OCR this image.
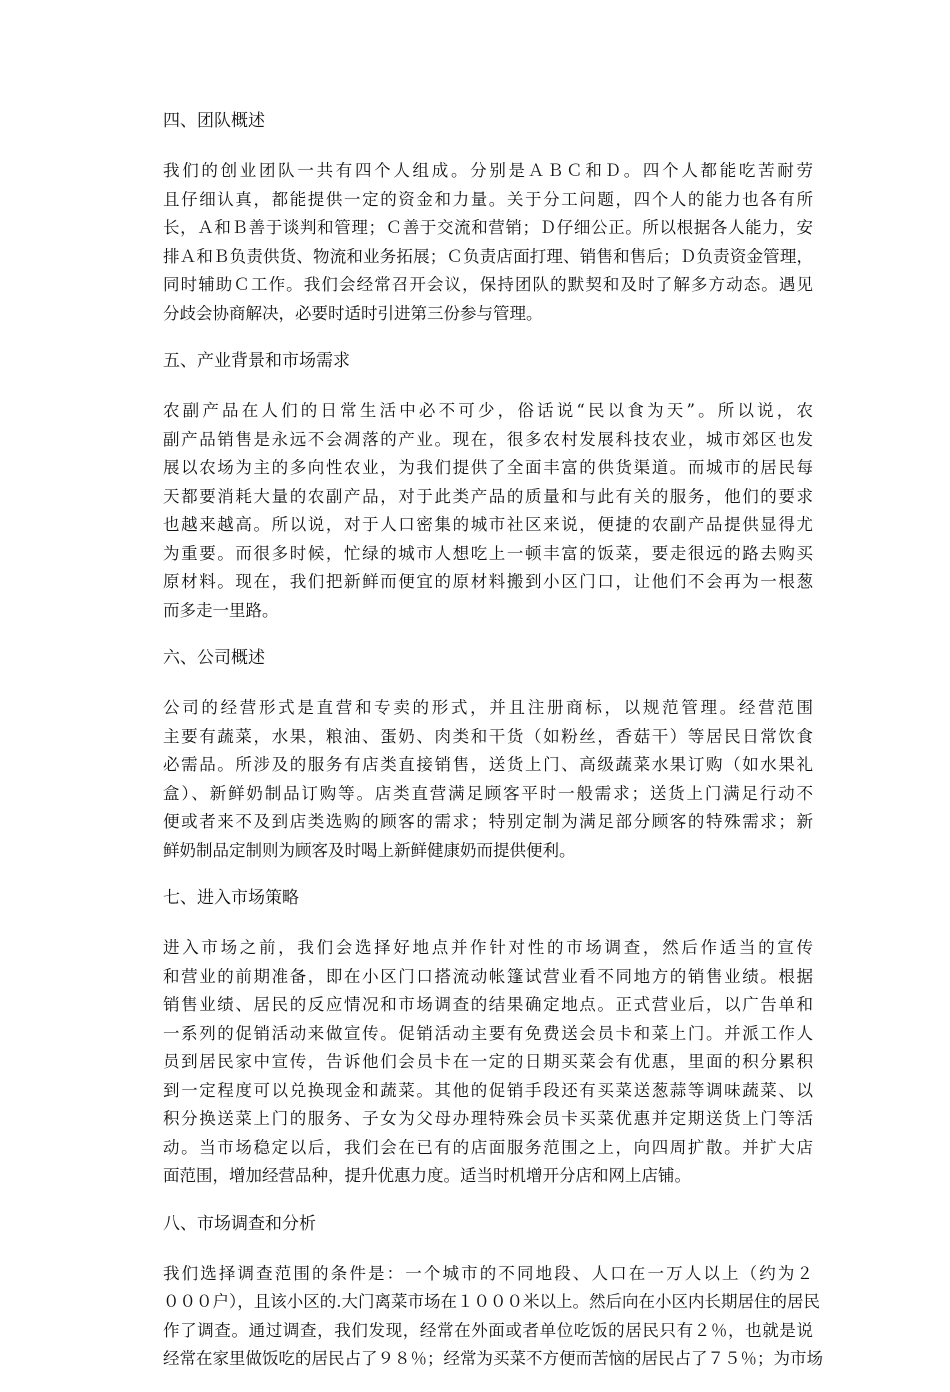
四、团队概述
我们的创业团队一共有四个人组成。分别是ＡＢＣ和Ｄ。四个人都能吃苦耐劳
且仔细认真，都能提供一定的资金和力量。关于分工问题，四个人的能力也各有所
长，Ａ和Ｂ善于谈判和管理；Ｃ善于交流和营销；Ｄ仔细公正。所以根据各人能力，安
排Ａ和Ｂ负责供货、物流和业务拓展；Ｃ负责店面打理、销售和售后；Ｄ负责资金管理，
同时辅助Ｃ工作。我们会经常召开会议，保持团队的默契和及时了解多方动态。遇见
分歧会协商解决，必要时适时引进第三份参与管理。
五、产业背景和市场需求
农副产品在人们的日常生活中必不可少，俗话说“民以食为天”。所以说，农
副产品销售是永远不会凋落的产业。现在，很多农村发展科技农业，城市郊区也发
展以农场为主的多向性农业，为我们提供了全面丰富的供货渠道。而城市的居民每
天都要消耗大量的农副产品，对于此类产品的质量和与此有关的服务，他们的要求
也越来越高。所以说，对于人口密集的城市社区来说，便捷的农副产品提供显得尤
为重要。而很多时候，忙绿的城市人想吃上一顿丰富的饭菜，要走很远的路去购买
原材料。现在，我们把新鲜而便宜的原材料搬到小区门口，让他们不会再为一根葱
而多走一里路。
六、公司概述
公司的经营形式是直营和专卖的形式，并且注册商标，以规范管理。经营范围
主要有蔬菜，水果，粮油、蛋奶、肉类和干货（如粉丝，香菇干）等居民日常饮食
必需品。所涉及的服务有店类直接销售，送货上门、高级蔬菜水果订购（如水果礼
盒）、新鲜奶制品订购等。店类直营满足顾客平时一般需求；送货上门满足行动不
便或者来不及到店类选购的顾客的需求；特别定制为满足部分顾客的特殊需求；新
鲜奶制品定制则为顾客及时喝上新鲜健康奶而提供便利。
七、进入市场策略
进入市场之前，我们会选择好地点并作针对性的市场调查，然后作适当的宣传
和营业的前期准备，即在小区门口搭流动帐篷试营业看不同地方的销售业绩。根据
销售业绩、居民的反应情况和市场调查的结果确定地点。正式营业后，以广告单和
一系列的促销活动来做宣传。促销活动主要有免费送会员卡和菜上门。并派工作人
员到居民家中宣传，告诉他们会员卡在一定的日期买菜会有优惠，里面的积分累积
到一定程度可以兑换现金和蔬菜。其他的促销手段还有买菜送葱蒜等调味蔬菜、以
积分换送菜上门的服务、子女为父母办理特殊会员卡买菜优惠并定期送货上门等活
动。当市场稳定以后，我们会在已有的店面服务范围之上，向四周扩散。并扩大店
面范围，增加经营品种，提升优惠力度。适当时机增开分店和网上店铺。
八、市场调查和分析
我们选择调查范围的条件是：一个城市的不同地段、人口在一万人以上（约为２
０００户），且该小区的.大门离菜市场在１０００米以上。然后向在小区内长期居住的居民
作了调查。通过调查，我们发现，经常在外面或者单位吃饭的居民只有２％，也就是说
经常在家里做饭吃的居民占了９８％；经常为买菜不方便而苦恼的居民占了７５％；为市场
